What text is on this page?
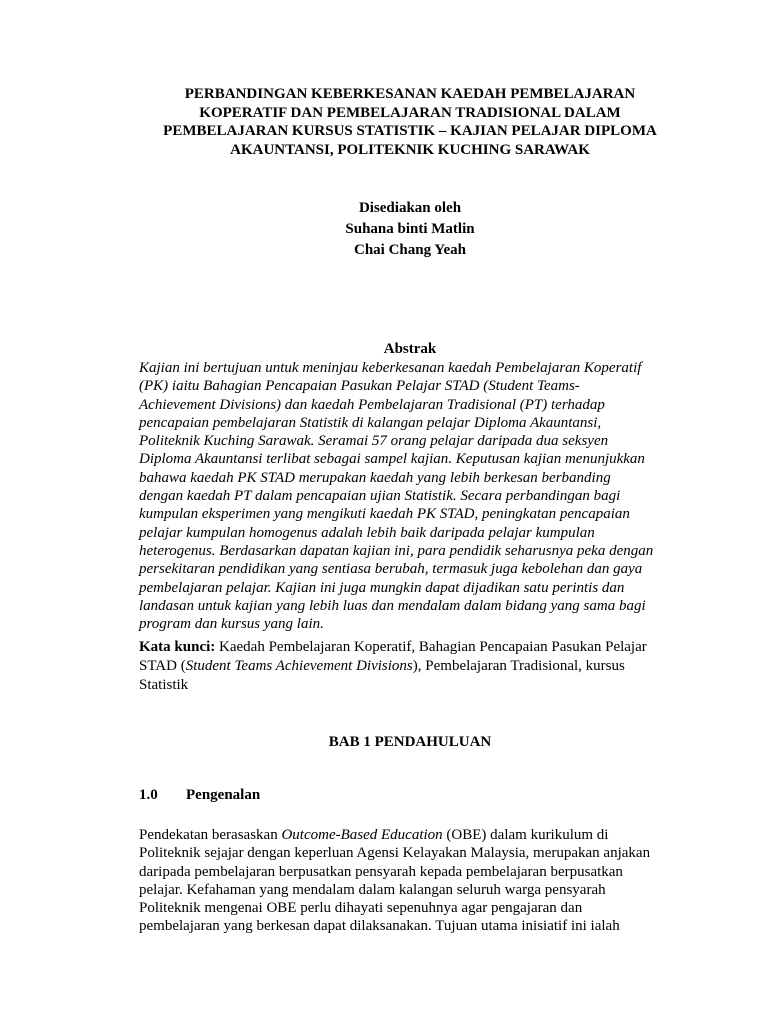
PERBANDINGAN KEBERKESANAN KAEDAH PEMBELAJARAN
KOPERATIF DAN PEMBELAJARAN TRADISIONAL DALAM
PEMBELAJARAN KURSUS STATISTIK – KAJIAN PELAJAR DIPLOMA
AKAUNTANSI, POLITEKNIK KUCHING SARAWAK
Disediakan oleh
Suhana binti Matlin
Chai Chang Yeah
Abstrak
Kajian ini bertujuan untuk meninjau keberkesanan kaedah Pembelajaran Koperatif
(PK) iaitu Bahagian Pencapaian Pasukan Pelajar STAD (Student Teams-
Achievement Divisions) dan kaedah Pembelajaran Tradisional (PT) terhadap
pencapaian pembelajaran Statistik di kalangan pelajar Diploma Akauntansi,
Politeknik Kuching Sarawak. Seramai 57 orang pelajar daripada dua seksyen
Diploma Akauntansi terlibat sebagai sampel kajian. Keputusan kajian menunjukkan
bahawa kaedah PK STAD merupakan kaedah yang lebih berkesan berbanding
dengan kaedah PT dalam pencapaian ujian Statistik. Secara perbandingan bagi
kumpulan eksperimen yang mengikuti kaedah PK STAD, peningkatan pencapaian
pelajar kumpulan homogenus adalah lebih baik daripada pelajar kumpulan
heterogenus. Berdasarkan dapatan kajian ini, para pendidik seharusnya peka dengan
persekitaran pendidikan yang sentiasa berubah, termasuk juga kebolehan dan gaya
pembelajaran pelajar. Kajian ini juga mungkin dapat dijadikan satu perintis dan
landasan untuk kajian yang lebih luas dan mendalam dalam bidang yang sama bagi
program dan kursus yang lain.
Kata kunci: Kaedah Pembelajaran Koperatif, Bahagian Pencapaian Pasukan Pelajar
STAD (Student Teams Achievement Divisions), Pembelajaran Tradisional, kursus
Statistik
BAB 1 PENDAHULUAN
1.0 Pengenalan
Pendekatan berasaskan Outcome-Based Education (OBE) dalam kurikulum di
Politeknik sejajar dengan keperluan Agensi Kelayakan Malaysia, merupakan anjakan
daripada pembelajaran berpusatkan pensyarah kepada pembelajaran berpusatkan
pelajar. Kefahaman yang mendalam dalam kalangan seluruh warga pensyarah
Politeknik mengenai OBE perlu dihayati sepenuhnya agar pengajaran dan
pembelajaran yang berkesan dapat dilaksanakan. Tujuan utama inisiatif ini ialah
